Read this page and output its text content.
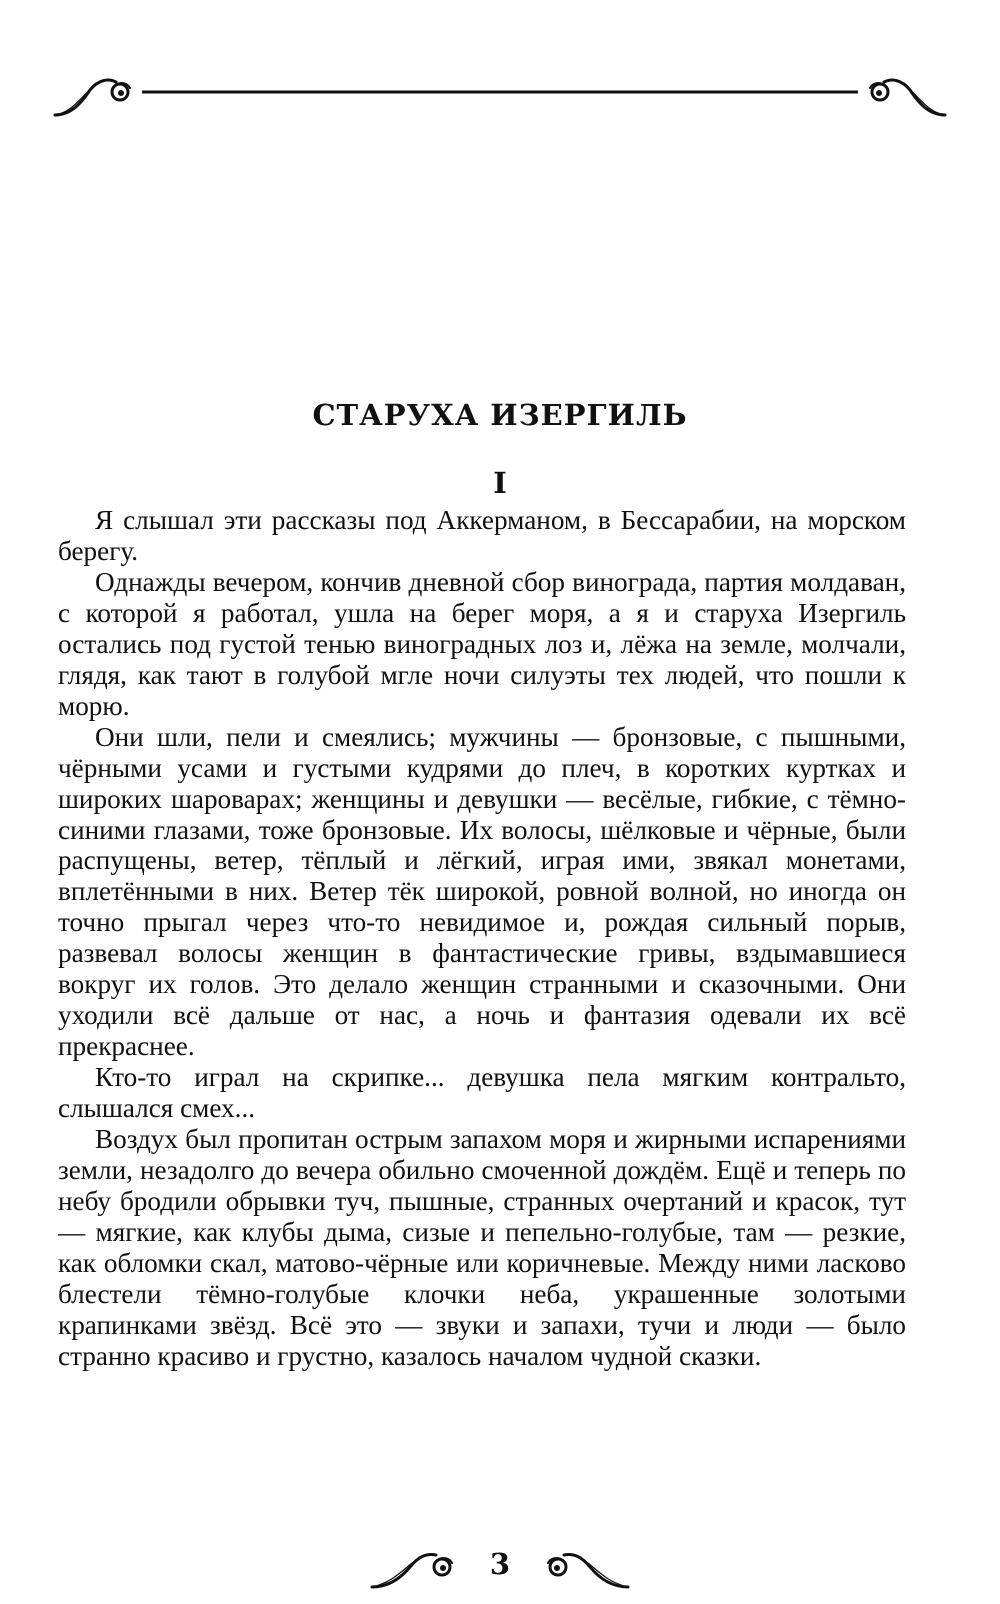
СТАРУХА ИЗЕРГИЛЬ
I

Я слышал эти рассказы под Аккерманом, в Бессарабии, на морском берегу.

Однажды вечером, кончив дневной сбор винограда, партия молдаван, с которой я работал, ушла на берег моря, а я и старуха Изергиль остались под густой тенью виноградных лоз и, лёжа на земле, молчали, глядя, как тают в голубой мгле ночи силуэты тех людей, что пошли к морю.

Они шли, пели и смеялись; мужчины — бронзовые, с пышными, чёрными усами и густыми кудрями до плеч, в коротких куртках и широких шароварах; женщины и девушки — весёлые, гибкие, с тёмно-синими глазами, тоже бронзовые. Их волосы, шёлковые и чёрные, были распущены, ветер, тёплый и лёгкий, играя ими, звякал монетами, вплетёнными в них. Ветер тёк широкой, ровной волной, но иногда он точно прыгал через что-то невидимое и, рождая сильный порыв, развевал волосы женщин в фантастические гривы, вздымавшиеся вокруг их голов. Это делало женщин странными и сказочными. Они уходили всё дальше от нас, а ночь и фантазия одевали их всё прекраснее.

Кто-то играл на скрипке... девушка пела мягким контральто, слышался смех...

Воздух был пропитан острым запахом моря и жирными испарениями земли, незадолго до вечера обильно смоченной дождём. Ещё и теперь по небу бродили обрывки туч, пышные, странных очертаний и красок, тут — мягкие, как клубы дыма, сизые и пепельно-голубые, там — резкие, как обломки скал, матово-чёрные или коричневые. Между ними ласково блестели тёмно-голубые клочки неба, украшенные золотыми крапинками звёзд. Всё это — звуки и запахи, тучи и люди — было странно красиво и грустно, казалось началом чудной сказки.

3
